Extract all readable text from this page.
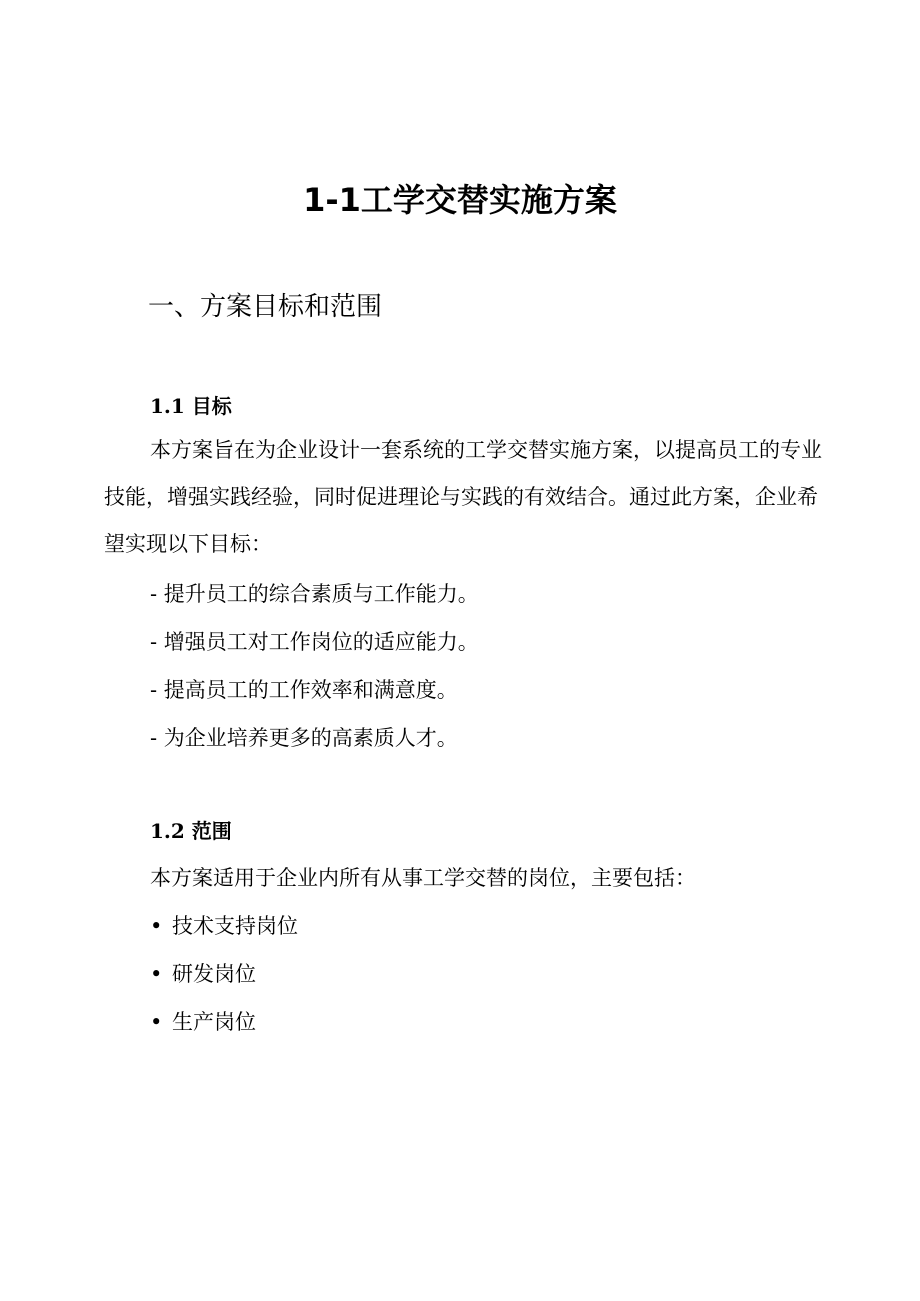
1-1工学交替实施方案
一、方案目标和范围
1.1 目标

本方案旨在为企业设计一套系统的工学交替实施方案，以提高员工的专业技能，增强实践经验，同时促进理论与实践的有效结合。通过此方案，企业希望实现以下目标：

- 提升员工的综合素质与工作能力。

- 增强员工对工作岗位的适应能力。

- 提高员工的工作效率和满意度。

- 为企业培养更多的高素质人才。

1.2 范围

本方案适用于企业内所有从事工学交替的岗位，主要包括：

• 技术支持岗位

• 研发岗位

• 生产岗位
